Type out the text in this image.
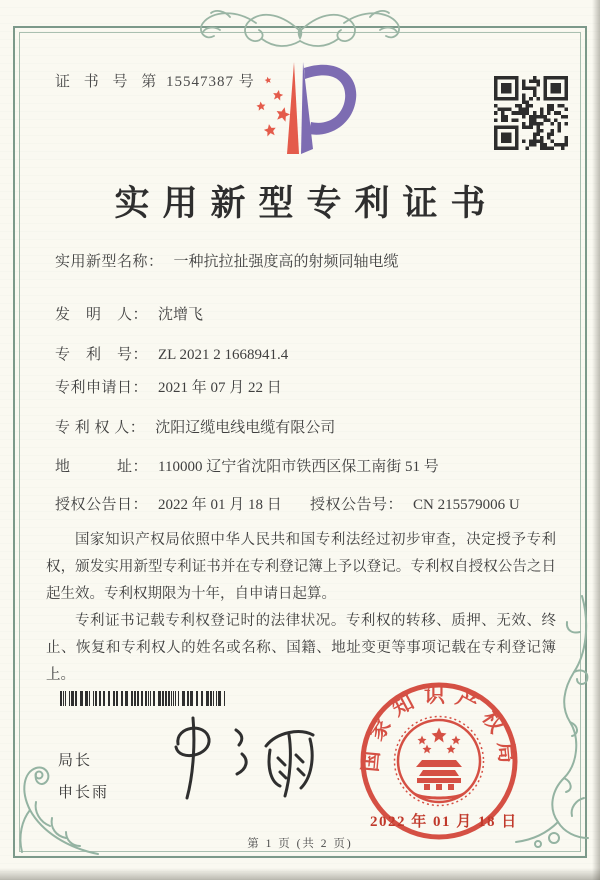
证 书 号 第 15547387 号
实用新型专利证书
实用新型名称： 一种抗拉扯强度高的射频同轴电缆
发　明　人： 沈增飞
专　利　号： ZL 2021 2 1668941.4
专利申请日： 2021 年 07 月 22 日
专 利 权 人： 沈阳辽缆电线电缆有限公司
地　　　址： 110000 辽宁省沈阳市铁西区保工南街 51 号
授权公告日： 2022 年 01 月 18 日 授权公告号： CN 215579006 U

国家知识产权局依照中华人民共和国专利法经过初步审查，决定授予专利权，颁发实用新型专利证书并在专利登记簿上予以登记。专利权自授权公告之日起生效。专利权期限为十年，自申请日起算。

专利证书记载专利权登记时的法律状况。专利权的转移、质押、无效、终止、恢复和专利权人的姓名或名称、国籍、地址变更等事项记载在专利登记簿上。

局长
申长雨
国家知识产权局
2022 年 01 月 18 日
第 1 页 (共 2 页)
